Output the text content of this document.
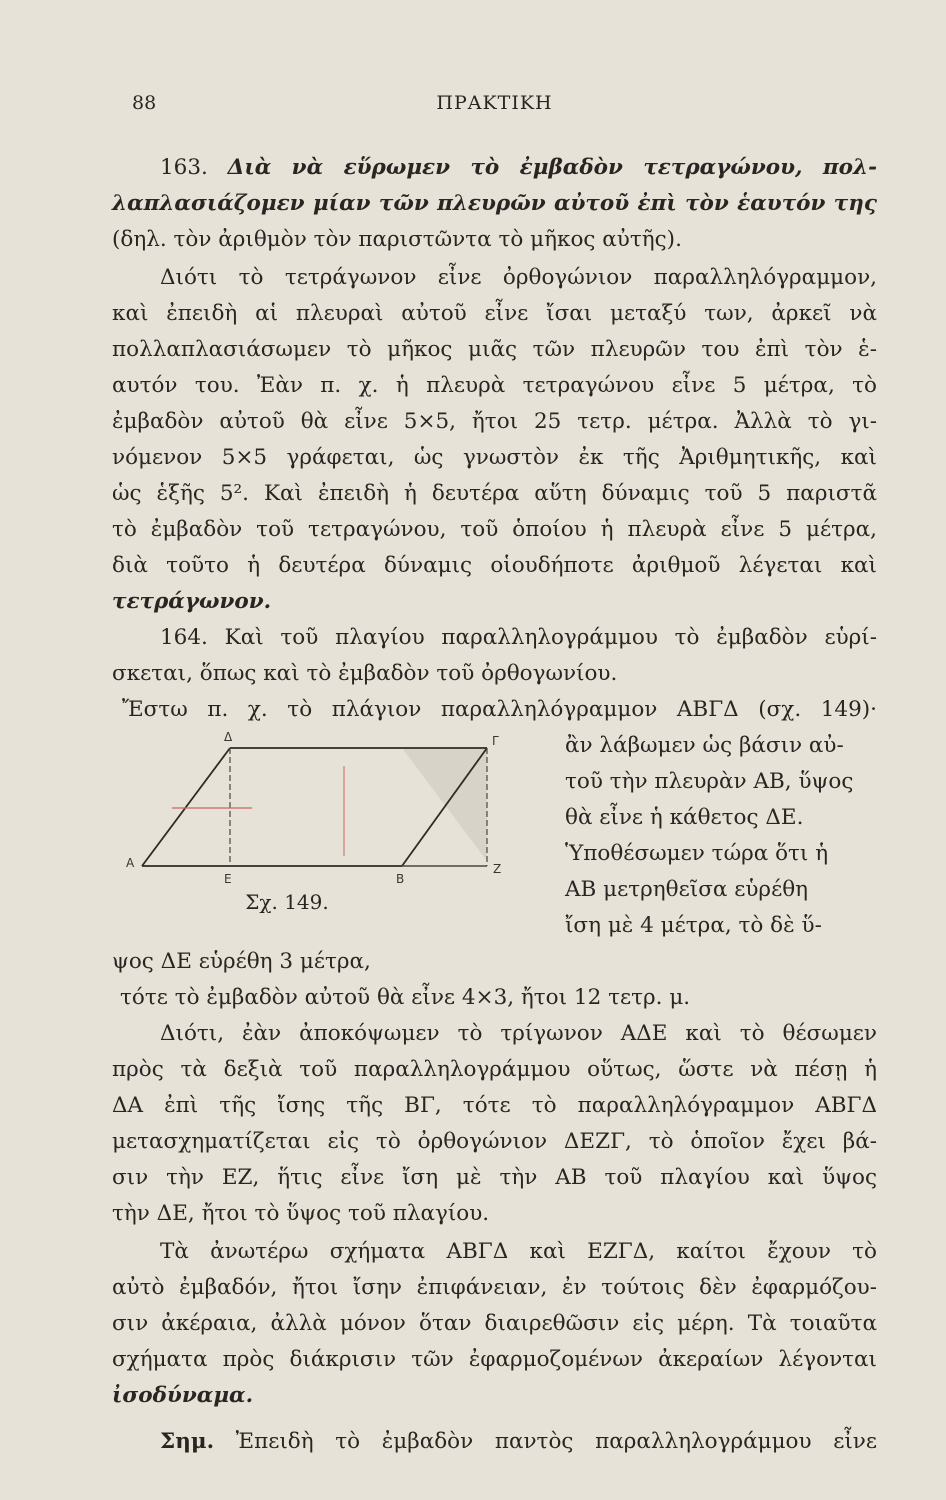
88	ΠΡΑΚΤΙΚΗ
163. Διὰ νὰ εὕρωμεν τὸ ἐμβαδὸν τετραγώνου, πολ-
λαπλασιάζομεν μίαν τῶν πλευρῶν αὐτοῦ ἐπὶ τὸν ἑαυτόν της
(δηλ. τὸν ἀριθμὸν τὸν παριστῶντα τὸ μῆκος αὐτῆς).
Διότι τὸ τετράγωνον εἶνε ὀρθογώνιον παραλληλόγραμμον,
καὶ ἐπειδὴ αἱ πλευραὶ αὐτοῦ εἶνε ἴσαι μεταξύ των, ἀρκεῖ νὰ
πολλαπλασιάσωμεν τὸ μῆκος μιᾶς τῶν πλευρῶν του ἐπὶ τὸν ἑ-
αυτόν του. Ἐὰν π. χ. ἡ πλευρὰ τετραγώνου εἶνε 5 μέτρα, τὸ
ἐμβαδὸν αὐτοῦ θὰ εἶνε 5×5, ἤτοι 25 τετρ. μέτρα. Ἀλλὰ τὸ γι-
νόμενον 5×5 γράφεται, ὡς γνωστὸν ἐκ τῆς Ἀριθμητικῆς, καὶ
ὡς ἑξῆς 5². Καὶ ἐπειδὴ ἡ δευτέρα αὕτη δύναμις τοῦ 5 παριστᾶ
τὸ ἐμβαδὸν τοῦ τετραγώνου, τοῦ ὁποίου ἡ πλευρὰ εἶνε 5 μέτρα,
διὰ τοῦτο ἡ δευτέρα δύναμις οἱουδήποτε ἀριθμοῦ λέγεται καὶ
τετράγωνον.
164. Καὶ τοῦ πλαγίου παραλληλογράμμου τὸ ἐμβαδὸν εὑρί-
σκεται, ὅπως καὶ τὸ ἐμβαδὸν τοῦ ὀρθογωνίου.
Ἔστω π. χ. τὸ πλάγιον παραλληλόγραμμον ΑΒΓΔ (σχ. 149)·
Α
Β
Γ
Δ
Ε
Ζ
Σχ. 149.
ἂν λάβωμεν ὡς βάσιν αὐ-
τοῦ τὴν πλευρὰν ΑΒ, ὕψος
θὰ εἶνε ἡ κάθετος ΔΕ.
Ὑποθέσωμεν τώρα ὅτι ἡ
ΑΒ μετρηθεῖσα εὑρέθη
ἴση μὲ 4 μέτρα, τὸ δὲ ὕ-
ψος ΔΕ εὑρέθη 3 μέτρα,
τότε τὸ ἐμβαδὸν αὐτοῦ θὰ εἶνε 4×3, ἤτοι 12 τετρ. μ.
Διότι, ἐὰν ἀποκόψωμεν τὸ τρίγωνον ΑΔΕ καὶ τὸ θέσωμεν
πρὸς τὰ δεξιὰ τοῦ παραλληλογράμμου οὕτως, ὥστε νὰ πέσῃ ἡ
ΔΑ ἐπὶ τῆς ἴσης τῆς ΒΓ, τότε τὸ παραλληλόγραμμον ΑΒΓΔ
μετασχηματίζεται εἰς τὸ ὀρθογώνιον ΔΕΖΓ, τὸ ὁποῖον ἔχει βά-
σιν τὴν ΕΖ, ἥτις εἶνε ἴση μὲ τὴν ΑΒ τοῦ πλαγίου καὶ ὕψος
τὴν ΔΕ, ἤτοι τὸ ὕψος τοῦ πλαγίου.
Τὰ ἀνωτέρω σχήματα ΑΒΓΔ καὶ ΕΖΓΔ, καίτοι ἔχουν τὸ
αὐτὸ ἐμβαδόν, ἤτοι ἴσην ἐπιφάνειαν, ἐν τούτοις δὲν ἐφαρμόζου-
σιν ἀκέραια, ἀλλὰ μόνον ὅταν διαιρεθῶσιν εἰς μέρη. Τὰ τοιαῦτα
σχήματα πρὸς διάκρισιν τῶν ἐφαρμοζομένων ἀκεραίων λέγονται
ἰσοδύναμα.
Σημ. Ἐπειδὴ τὸ ἐμβαδὸν παντὸς παραλληλογράμμου εἶνε
